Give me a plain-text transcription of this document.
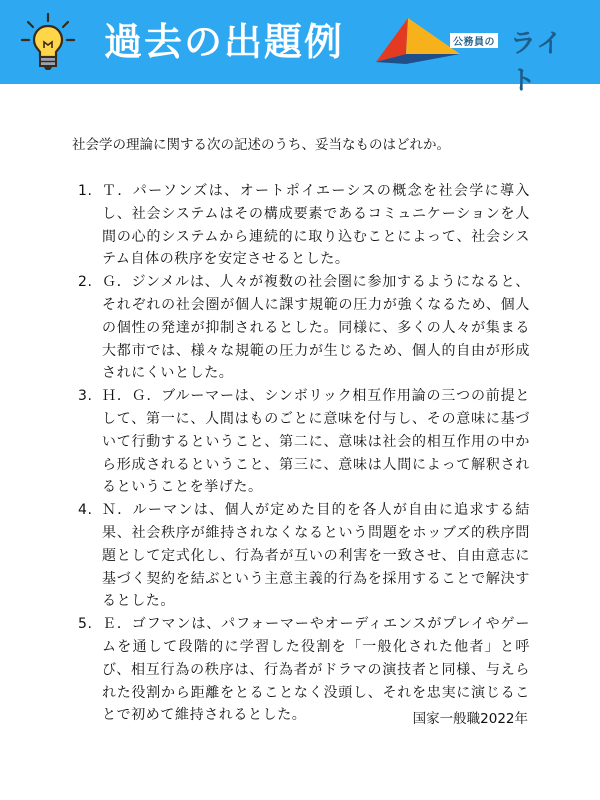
過去の出題例	公務員の ライト
社会学の理論に関する次の記述のうち、妥当なものはどれか。
1. Ｔ．パーソンズは、オートポイエーシスの概念を社会学に導入し、社会システムはその構成要素であるコミュニケーションを人間の心的システムから連続的に取り込むことによって、社会システム自体の秩序を安定させるとした。
2. Ｇ．ジンメルは、人々が複数の社会圏に参加するようになると、それぞれの社会圏が個人に課す規範の圧力が強くなるため、個人の個性の発達が抑制されるとした。同様に、多くの人々が集まる大都市では、様々な規範の圧力が生じるため、個人的自由が形成されにくいとした。
3. Ｈ．Ｇ．ブルーマーは、シンボリック相互作用論の三つの前提として、第一に、人間はものごとに意味を付与し、その意味に基づいて行動するということ、第二に、意味は社会的相互作用の中から形成されるということ、第三に、意味は人間によって解釈されるということを挙げた。
4. Ｎ．ルーマンは、個人が定めた目的を各人が自由に追求する結果、社会秩序が維持されなくなるという問題をホッブズ的秩序問題として定式化し、行為者が互いの利害を一致させ、自由意志に基づく契約を結ぶという主意主義的行為を採用することで解決するとした。
5. Ｅ．ゴフマンは、パフォーマーやオーディエンスがプレイやゲームを通して段階的に学習した役割を「一般化された他者」と呼び、相互行為の秩序は、行為者がドラマの演技者と同様、与えられた役割から距離をとることなく没頭し、それを忠実に演じることで初めて維持されるとした。	国家一般職2022年
